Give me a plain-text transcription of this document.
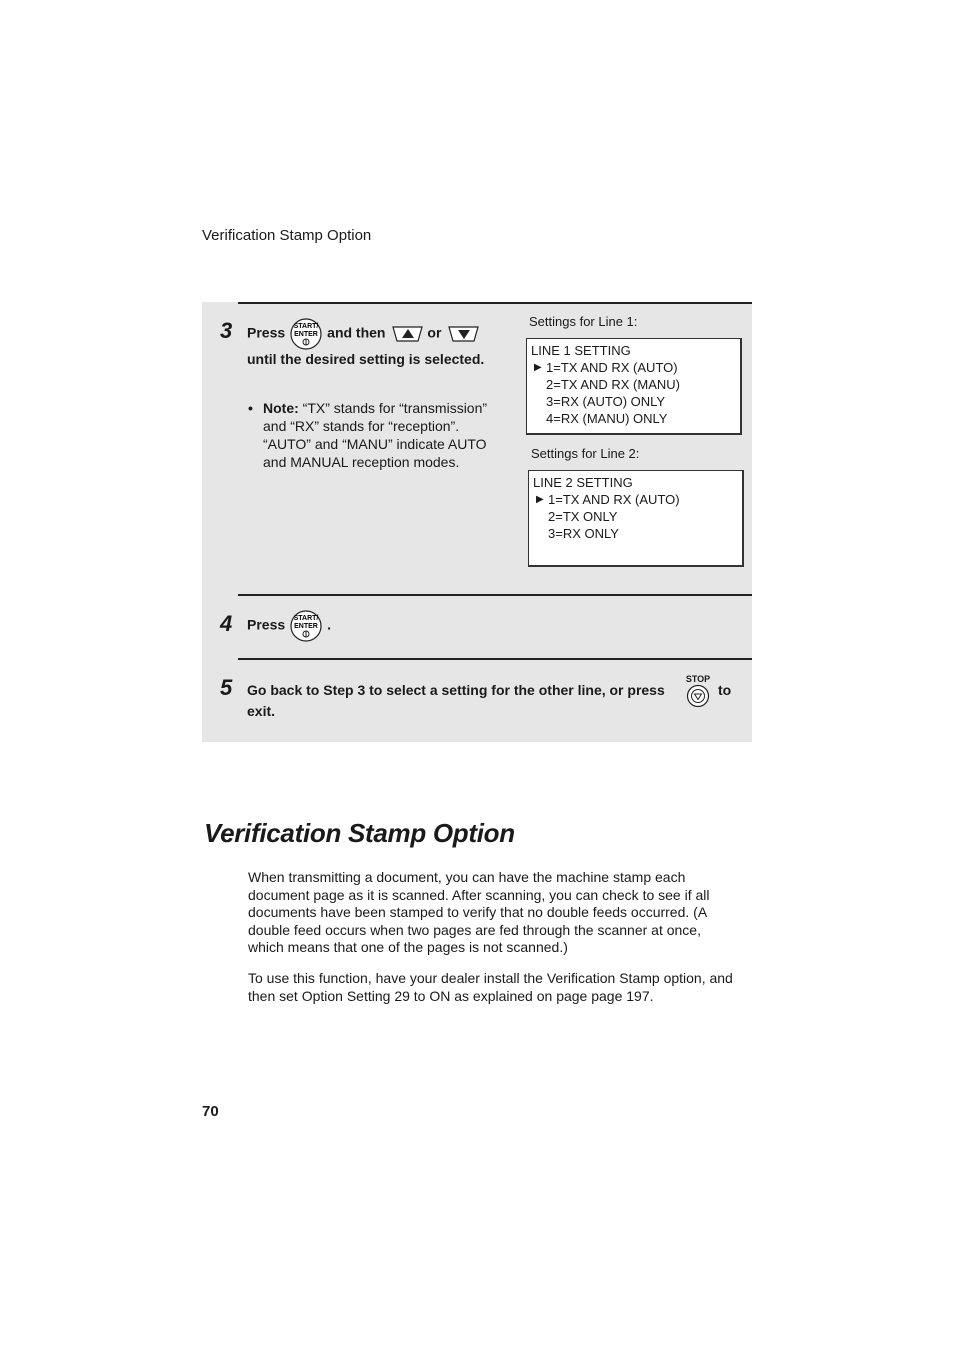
Verification Stamp Option
3 Press START/
ENTER and then	or
until the desired setting is selected.
• Note: “TX” stands for “transmission” and “RX” stands for “reception”. “AUTO” and “MANU” indicate AUTO and MANUAL reception modes.
Settings for Line 1:
LINE 1 SETTING
▶ 1=TX AND RX (AUTO)
2=TX AND RX (MANU)
3=RX (AUTO) ONLY
4=RX (MANU) ONLY
Settings for Line 2:
LINE 2 SETTING
▶ 1=TX AND RX (AUTO)
2=TX ONLY
3=RX ONLY
4 Press START/
ENTER .
5 Go back to Step 3 to select a setting for the other line, or press
STOP
to
exit.
Verification Stamp Option
When transmitting a document, you can have the machine stamp each document page as it is scanned. After scanning, you can check to see if all documents have been stamped to verify that no double feeds occurred. (A double feed occurs when two pages are fed through the scanner at once, which means that one of the pages is not scanned.)
To use this function, have your dealer install the Verification Stamp option, and then set Option Setting 29 to ON as explained on page page 197.
70
